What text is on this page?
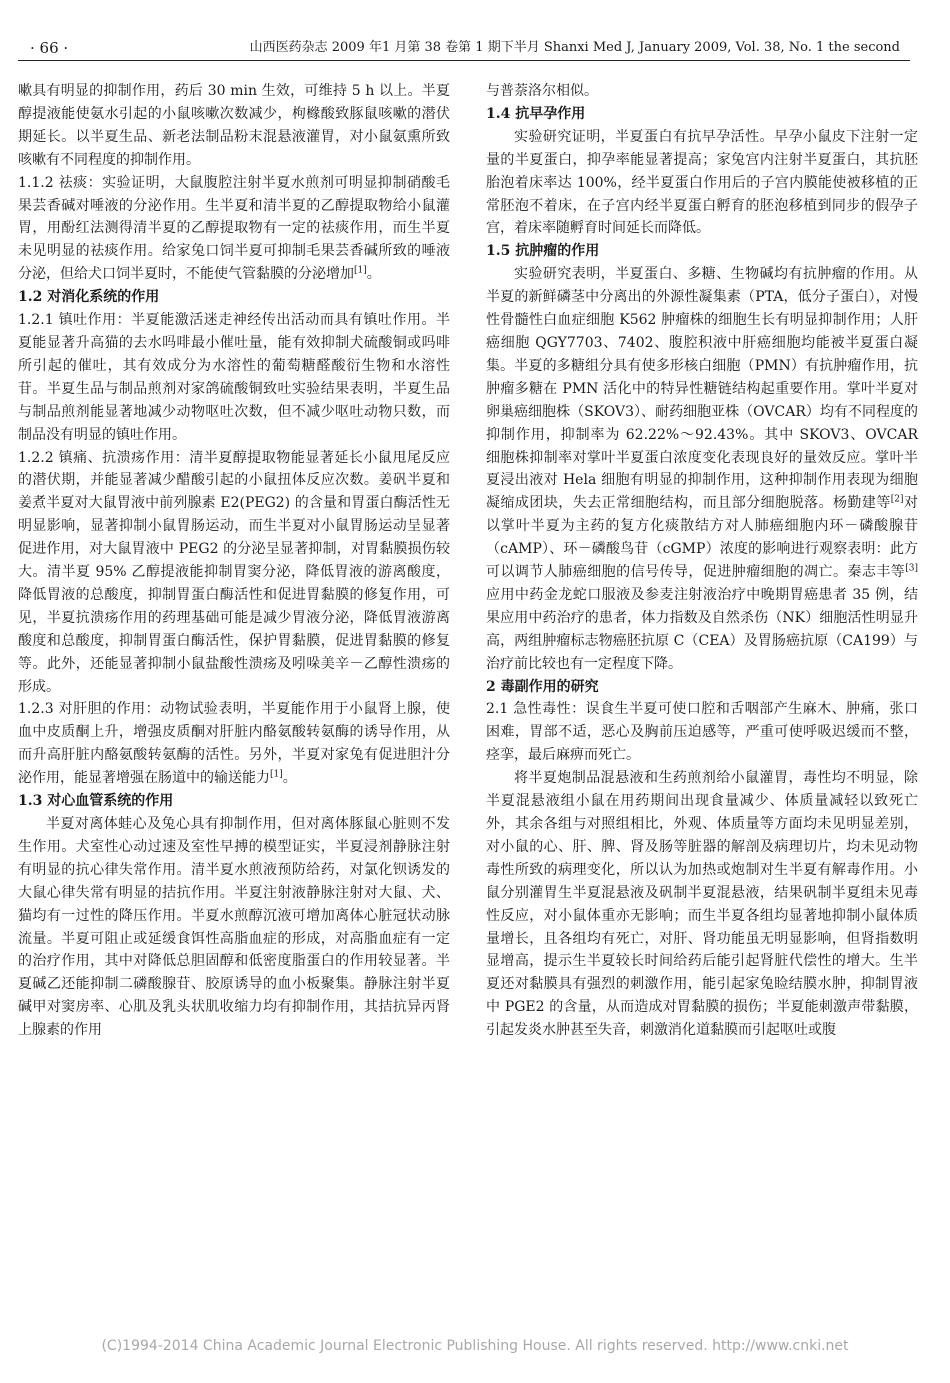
· 66 ·	山西医药杂志 2009 年1 月第 38 卷第 1 期下半月 Shanxi Med J, January 2009, Vol. 38, No. 1 the second

嗽具有明显的抑制作用，药后 30 min 生效，可维持 5 h 以上。半夏醇提液能使氨水引起的小鼠咳嗽次数减少，枸橼酸致豚鼠咳嗽的潜伏期延长。以半夏生品、新老法制品粉末混悬液灌胃，对小鼠氨熏所致咳嗽有不同程度的抑制作用。

1.1.2 祛痰：实验证明，大鼠腹腔注射半夏水煎剂可明显抑制硝酸毛果芸香碱对唾液的分泌作用。生半夏和清半夏的乙醇提取物给小鼠灌胃，用酚红法测得清半夏的乙醇提取物有一定的祛痰作用，而生半夏未见明显的祛痰作用。给家兔口饲半夏可抑制毛果芸香碱所致的唾液分泌，但给犬口饲半夏时，不能使气管黏膜的分泌增加[1]。

1.2 对消化系统的作用

1.2.1 镇吐作用：半夏能激活迷走神经传出活动而具有镇吐作用。半夏能显著升高猫的去水吗啡最小催吐量，能有效抑制犬硫酸铜或吗啡所引起的催吐，其有效成分为水溶性的葡萄糖醛酸衍生物和水溶性苷。半夏生品与制品煎剂对家鸽硫酸铜致吐实验结果表明，半夏生品与制品煎剂能显著地减少动物呕吐次数，但不减少呕吐动物只数，而制品没有明显的镇吐作用。

1.2.2 镇痛、抗溃疡作用：清半夏醇提取物能显著延长小鼠甩尾反应的潜伏期，并能显著减少醋酸引起的小鼠扭体反应次数。姜矾半夏和姜煮半夏对大鼠胃液中前列腺素 E2(PEG2) 的含量和胃蛋白酶活性无明显影响，显著抑制小鼠胃肠运动，而生半夏对小鼠胃肠运动呈显著促进作用，对大鼠胃液中 PEG2 的分泌呈显著抑制，对胃黏膜损伤较大。清半夏 95% 乙醇提液能抑制胃窦分泌，降低胃液的游离酸度，降低胃液的总酸度，抑制胃蛋白酶活性和促进胃黏膜的修复作用，可见，半夏抗溃疡作用的药理基础可能是减少胃液分泌，降低胃液游离酸度和总酸度，抑制胃蛋白酶活性，保护胃黏膜，促进胃黏膜的修复等。此外，还能显著抑制小鼠盐酸性溃疡及吲哚美辛－乙醇性溃疡的形成。

1.2.3 对肝胆的作用：动物试验表明，半夏能作用于小鼠肾上腺，使血中皮质酮上升，增强皮质酮对肝脏内酪氨酸转氨酶的诱导作用，从而升高肝脏内酪氨酸转氨酶的活性。另外，半夏对家兔有促进胆汁分泌作用，能显著增强在肠道中的输送能力[1]。

1.3 对心血管系统的作用

半夏对离体蛙心及兔心具有抑制作用，但对离体豚鼠心脏则不发生作用。犬室性心动过速及室性早搏的模型证实，半夏浸剂静脉注射有明显的抗心律失常作用。清半夏水煎液预防给药，对氯化钡诱发的大鼠心律失常有明显的拮抗作用。半夏注射液静脉注射对大鼠、犬、猫均有一过性的降压作用。半夏水煎醇沉液可增加离体心脏冠状动脉流量。半夏可阻止或延缓食饵性高脂血症的形成，对高脂血症有一定的治疗作用，其中对降低总胆固醇和低密度脂蛋白的作用较显著。半夏碱乙还能抑制二磷酸腺苷、胶原诱导的血小板聚集。静脉注射半夏碱甲对窦房率、心肌及乳头状肌收缩力均有抑制作用，其拮抗异丙肾上腺素的作用

与普萘洛尔相似。

1.4 抗早孕作用

实验研究证明，半夏蛋白有抗早孕活性。早孕小鼠皮下注射一定量的半夏蛋白，抑孕率能显著提高；家兔宫内注射半夏蛋白，其抗胚胎泡着床率达 100%，经半夏蛋白作用后的子宫内膜能使被移植的正常胚泡不着床，在子宫内经半夏蛋白孵育的胚泡移植到同步的假孕子宫，着床率随孵育时间延长而降低。

1.5 抗肿瘤的作用

实验研究表明，半夏蛋白、多糖、生物碱均有抗肿瘤的作用。从半夏的新鲜磷茎中分离出的外源性凝集素（PTA，低分子蛋白），对慢性骨髓性白血症细胞 K562 肿瘤株的细胞生长有明显抑制作用；人肝癌细胞 QGY7703、7402、腹腔积液中肝癌细胞均能被半夏蛋白凝集。半夏的多糖组分具有使多形核白细胞（PMN）有抗肿瘤作用，抗肿瘤多糖在 PMN 活化中的特异性糖链结构起重要作用。掌叶半夏对卵巢癌细胞株（SKOV3）、耐药细胞亚株（OVCAR）均有不同程度的抑制作用，抑制率为 62.22%～92.43%。其中 SKOV3、OVCAR 细胞株抑制率对掌叶半夏蛋白浓度变化表现良好的量效反应。掌叶半夏浸出液对 Hela 细胞有明显的抑制作用，这种抑制作用表现为细胞凝缩成团块，失去正常细胞结构，而且部分细胞脱落。杨勤建等[2]对以掌叶半夏为主药的复方化痰散结方对人肺癌细胞内环－磷酸腺苷（cAMP）、环－磷酸鸟苷（cGMP）浓度的影响进行观察表明：此方可以调节人肺癌细胞的信号传导，促进肿瘤细胞的凋亡。秦志丰等[3]应用中药金龙蛇口服液及参麦注射液治疗中晚期胃癌患者 35 例，结果应用中药治疗的患者，体力指数及自然杀伤（NK）细胞活性明显升高，两组肿瘤标志物癌胚抗原 C（CEA）及胃肠癌抗原（CA199）与治疗前比较也有一定程度下降。

2 毒副作用的研究

2.1 急性毒性：误食生半夏可使口腔和舌咽部产生麻木、肿痛，张口困难，胃部不适，恶心及胸前压迫感等，严重可使呼吸迟缓而不整，痉挛，最后麻痹而死亡。

将半夏炮制品混悬液和生药煎剂给小鼠灌胃，毒性均不明显，除半夏混悬液组小鼠在用药期间出现食量减少、体质量减轻以致死亡外，其余各组与对照组相比，外观、体质量等方面均未见明显差别，对小鼠的心、肝、脾、肾及肠等脏器的解剖及病理切片，均未见动物毒性所致的病理变化，所以认为加热或炮制对生半夏有解毒作用。小鼠分别灌胃生半夏混悬液及矾制半夏混悬液，结果矾制半夏组未见毒性反应，对小鼠体重亦无影响；而生半夏各组均显著地抑制小鼠体质量增长，且各组均有死亡，对肝、肾功能虽无明显影响，但肾指数明显增高，提示生半夏较长时间给药后能引起肾脏代偿性的增大。生半夏还对黏膜具有强烈的刺激作用，能引起家兔睑结膜水肿，抑制胃液中 PGE2 的含量，从而造成对胃黏膜的损伤；半夏能刺激声带黏膜，引起发炎水肿甚至失音，刺激消化道黏膜而引起呕吐或腹

(C)1994-2014 China Academic Journal Electronic Publishing House. All rights reserved. http://www.cnki.net
